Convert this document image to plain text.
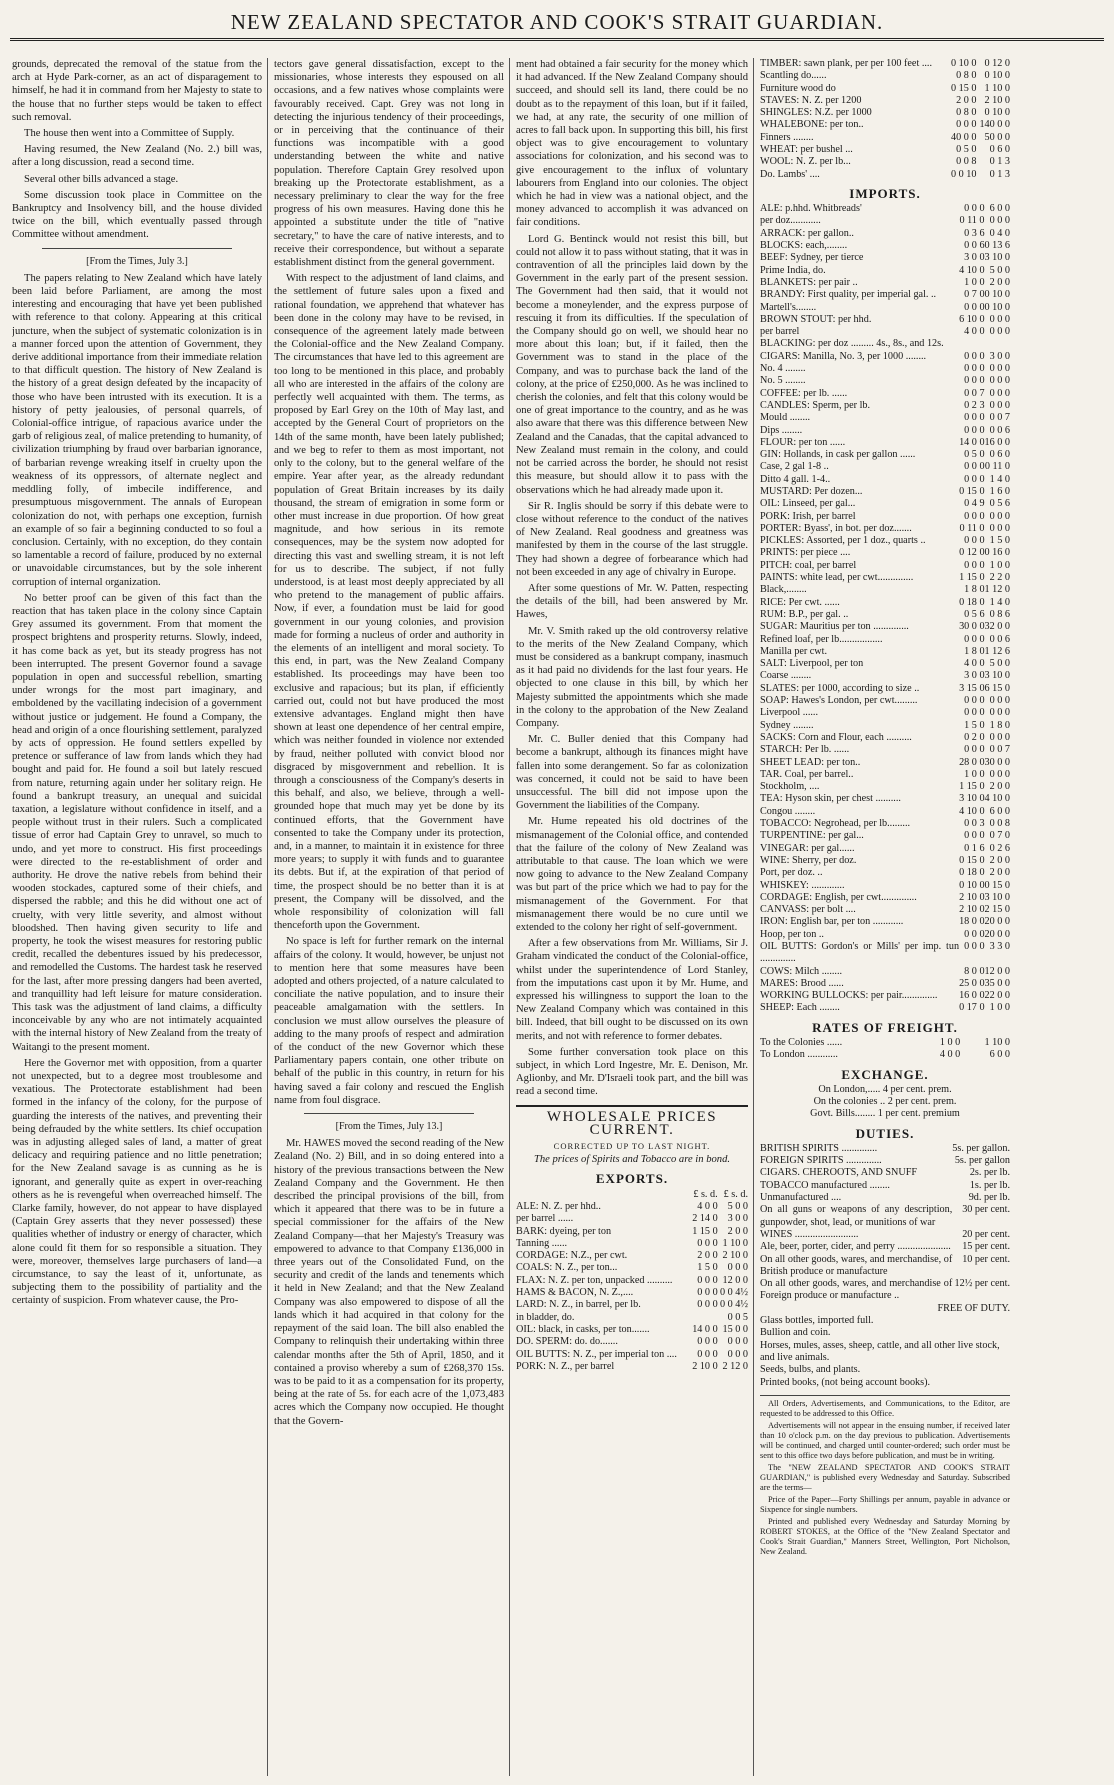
NEW ZEALAND SPECTATOR AND COOK'S STRAIT GUARDIAN.

grounds, deprecated the removal of the statue from the arch at Hyde Park-corner, as an act of disparagement to himself, he had it in command from her Majesty to state to the house that no further steps would be taken to effect such removal.

The house then went into a Committee of Supply.

Having resumed, the New Zealand (No. 2.) bill was, after a long discussion, read a second time.

Several other bills advanced a stage.

Some discussion took place in Committee on the Bankruptcy and Insolvency bill, and the house divided twice on the bill, which eventually passed through Committee without amendment.

[From the Times, July 3.]

The papers relating to New Zealand which have lately been laid before Parliament, are among the most interesting and encouraging that have yet been published with reference to that colony. Appearing at this critical juncture, when the subject of systematic colonization is in a manner forced upon the attention of Government, they derive additional importance from their immediate relation to that difficult question. The history of New Zealand is the history of a great design defeated by the incapacity of those who have been intrusted with its execution. It is a history of petty jealousies, of personal quarrels, of Colonial-office intrigue, of rapacious avarice under the garb of religious zeal, of malice pretending to humanity, of civilization triumphing by fraud over barbarian ignorance, of barbarian revenge wreaking itself in cruelty upon the weakness of its oppressors, of alternate neglect and meddling folly, of imbecile indifference, and presumptuous misgovernment. The annals of European colonization do not, with perhaps one exception, furnish an example of so fair a beginning conducted to so foul a conclusion. Certainly, with no exception, do they contain so lamentable a record of failure, produced by no external or unavoidable circumstances, but by the sole inherent corruption of internal organization.

No better proof can be given of this fact than the reaction that has taken place in the colony since Captain Grey assumed its government. From that moment the prospect brightens and prosperity returns. Slowly, indeed, it has come back as yet, but its steady progress has not been interrupted. The present Governor found a savage population in open and successful rebellion, smarting under wrongs for the most part imaginary, and emboldened by the vacillating indecision of a government without justice or judgement. He found a Company, the head and origin of a once flourishing settlement, paralyzed by acts of oppression. He found settlers expelled by pretence or sufferance of law from lands which they had bought and paid for. He found a soil but lately rescued from nature, returning again under her solitary reign. He found a bankrupt treasury, an unequal and suicidal taxation, a legislature without confidence in itself, and a people without trust in their rulers. Such a complicated tissue of error had Captain Grey to unravel, so much to undo, and yet more to construct. His first proceedings were directed to the re-establishment of order and authority. He drove the native rebels from behind their wooden stockades, captured some of their chiefs, and dispersed the rabble; and this he did without one act of cruelty, with very little severity, and almost without bloodshed. Then having given security to life and property, he took the wisest measures for restoring public credit, recalled the debentures issued by his predecessor, and remodelled the Customs. The hardest task he reserved for the last, after more pressing dangers had been averted, and tranquillity had left leisure for mature consideration. This task was the adjustment of land claims, a difficulty inconceivable by any who are not intimately acquainted with the internal history of New Zealand from the treaty of Waitangi to the present moment.

Here the Governor met with opposition, from a quarter not unexpected, but to a degree most troublesome and vexatious. The Protectorate establishment had been formed in the infancy of the colony, for the purpose of guarding the interests of the natives, and preventing their being defrauded by the white settlers. Its chief occupation was in adjusting alleged sales of land, a matter of great delicacy and requiring patience and no little penetration; for the New Zealand savage is as cunning as he is ignorant, and generally quite as expert in over-reaching others as he is revengeful when overreached himself. The Clarke family, however, do not appear to have displayed (Captain Grey asserts that they never possessed) these qualities whether of industry or energy of character, which alone could fit them for so responsible a situation. They were, moreover, themselves large purchasers of land—a circumstance, to say the least of it, unfortunate, as subjecting them to the possibility of partiality and the certainty of suspicion. From whatever cause, the Pro-

tectors gave general dissatisfaction, except to the missionaries, whose interests they espoused on all occasions, and a few natives whose complaints were favourably received. Capt. Grey was not long in detecting the injurious tendency of their proceedings, or in perceiving that the continuance of their functions was incompatible with a good understanding between the white and native population. Therefore Captain Grey resolved upon breaking up the Protectorate establishment, as a necessary preliminary to clear the way for the free progress of his own measures. Having done this he appointed a substitute under the title of "native secretary," to have the care of native interests, and to receive their correspondence, but without a separate establishment distinct from the general government.

With respect to the adjustment of land claims, and the settlement of future sales upon a fixed and rational foundation, we apprehend that whatever has been done in the colony may have to be revised, in consequence of the agreement lately made between the Colonial-office and the New Zealand Company. The circumstances that have led to this agreement are too long to be mentioned in this place, and probably all who are interested in the affairs of the colony are perfectly well acquainted with them. The terms, as proposed by Earl Grey on the 10th of May last, and accepted by the General Court of proprietors on the 14th of the same month, have been lately published; and we beg to refer to them as most important, not only to the colony, but to the general welfare of the empire. Year after year, as the already redundant population of Great Britain increases by its daily thousand, the stream of emigration in some form or other must increase in due proportion. Of how great magnitude, and how serious in its remote consequences, may be the system now adopted for directing this vast and swelling stream, it is not left for us to describe. The subject, if not fully understood, is at least most deeply appreciated by all who pretend to the management of public affairs. Now, if ever, a foundation must be laid for good government in our young colonies, and provision made for forming a nucleus of order and authority in the elements of an intelligent and moral society. To this end, in part, was the New Zealand Company established. Its proceedings may have been too exclusive and rapacious; but its plan, if efficiently carried out, could not but have produced the most extensive advantages. England might then have shown at least one dependence of her central empire, which was neither founded in violence nor extended by fraud, neither polluted with convict blood nor disgraced by misgovernment and rebellion. It is through a consciousness of the Company's deserts in this behalf, and also, we believe, through a well-grounded hope that much may yet be done by its continued efforts, that the Government have consented to take the Company under its protection, and, in a manner, to maintain it in existence for three more years; to supply it with funds and to guarantee its debts. But if, at the expiration of that period of time, the prospect should be no better than it is at present, the Company will be dissolved, and the whole responsibility of colonization will fall thenceforth upon the Government.

No space is left for further remark on the internal affairs of the colony. It would, however, be unjust not to mention here that some measures have been adopted and others projected, of a nature calculated to conciliate the native population, and to insure their peaceable amalgamation with the settlers. In conclusion we must allow ourselves the pleasure of adding to the many proofs of respect and admiration of the conduct of the new Governor which these Parliamentary papers contain, one other tribute on behalf of the public in this country, in return for his having saved a fair colony and rescued the English name from foul disgrace.

[From the Times, July 13.]

Mr. HAWES moved the second reading of the New Zealand (No. 2) Bill, and in so doing entered into a history of the previous transactions between the New Zealand Company and the Government. He then described the principal provisions of the bill, from which it appeared that there was to be in future a special commissioner for the affairs of the New Zealand Company—that her Majesty's Treasury was empowered to advance to that Company £136,000 in three years out of the Consolidated Fund, on the security and credit of the lands and tenements which it held in New Zealand; and that the New Zealand Company was also empowered to dispose of all the lands which it had acquired in that colony for the repayment of the said loan. The bill also enabled the Company to relinquish their undertaking within three calendar months after the 5th of April, 1850, and it contained a proviso whereby a sum of £268,370 15s. was to be paid to it as a compensation for its property, being at the rate of 5s. for each acre of the 1,073,483 acres which the Company now occupied. He thought that the Govern-

ment had obtained a fair security for the money which it had advanced. If the New Zealand Company should succeed, and should sell its land, there could be no doubt as to the repayment of this loan, but if it failed, we had, at any rate, the security of one million of acres to fall back upon. In supporting this bill, his first object was to give encouragement to voluntary associations for colonization, and his second was to give encouragement to the influx of voluntary labourers from England into our colonies. The object which he had in view was a national object, and the money advanced to accomplish it was advanced on fair conditions.

Lord G. Bentinck would not resist this bill, but could not allow it to pass without stating, that it was in contravention of all the principles laid down by the Government in the early part of the present session. The Government had then said, that it would not become a moneylender, and the express purpose of rescuing it from its difficulties. If the speculation of the Company should go on well, we should hear no more about this loan; but, if it failed, then the Government was to stand in the place of the Company, and was to purchase back the land of the colony, at the price of £250,000. As he was inclined to cherish the colonies, and felt that this colony would be one of great importance to the country, and as he was also aware that there was this difference between New Zealand and the Canadas, that the capital advanced to New Zealand must remain in the colony, and could not be carried across the border, he should not resist this measure, but should allow it to pass with the observations which he had already made upon it.

Sir R. Inglis should be sorry if this debate were to close without reference to the conduct of the natives of New Zealand. Real goodness and greatness was manifested by them in the course of the last struggle. They had shown a degree of forbearance which had not been exceeded in any age of chivalry in Europe.

After some questions of Mr. W. Patten, respecting the details of the bill, had been answered by Mr. Hawes,

Mr. V. Smith raked up the old controversy relative to the merits of the New Zealand Company, which must be considered as a bankrupt company, inasmuch as it had paid no dividends for the last four years. He objected to one clause in this bill, by which her Majesty submitted the appointments which she made in the colony to the approbation of the New Zealand Company.

Mr. C. Buller denied that this Company had become a bankrupt, although its finances might have fallen into some derangement. So far as colonization was concerned, it could not be said to have been unsuccessful. The bill did not impose upon the Government the liabilities of the Company.

Mr. Hume repeated his old doctrines of the mismanagement of the Colonial office, and contended that the failure of the colony of New Zealand was attributable to that cause. The loan which we were now going to advance to the New Zealand Company was but part of the price which we had to pay for the mismanagement of the Government. For that mismanagement there would be no cure until we extended to the colony her right of self-government.

After a few observations from Mr. Williams, Sir J. Graham vindicated the conduct of the Colonial-office, whilst under the superintendence of Lord Stanley, from the imputations cast upon it by Mr. Hume, and expressed his willingness to support the loan to the New Zealand Company which was contained in this bill. Indeed, that bill ought to be discussed on its own merits, and not with reference to former debates.

Some further conversation took place on this subject, in which Lord Ingestre, Mr. E. Denison, Mr. Aglionby, and Mr. D'Israeli took part, and the bill was read a second time.

WHOLESALE PRICES CURRENT.
CORRECTED UP TO LAST NIGHT.
The prices of Spirits and Tobacco are in bond.
EXPORTS.
	£ s. d.	£ s. d.
ALE: N. Z. per hhd..	4 0 0	5 0 0
per barrel ......	2 14 0	3 0 0
BARK: dyeing, per ton	1 15 0	2 0 0
Tanning ......	0 0 0	1 10 0
CORDAGE: N.Z., per cwt.	2 0 0	2 10 0
COALS: N. Z., per ton...	1 5 0	0 0 0
FLAX: N. Z. per ton, unpacked ..........	0 0 0	12 0 0
HAMS & BACON, N. Z.,....	0 0 0	0 0 4½
LARD: N. Z., in barrel, per lb.	0 0 0	0 0 4½
in bladder, do.		0 0 5
OIL: black, in casks, per ton.......	14 0 0	15 0 0
DO. SPERM: do. do.......	0 0 0	0 0 0
OIL BUTTS: N. Z., per imperial ton ....	0 0 0	0 0 0
PORK: N. Z., per barrel	2 10 0	2 12 0
TIMBER: sawn plank, per per 100 feet ....	0 10 0	0 12 0
Scantling do......	0 8 0	0 10 0
Furniture wood do	0 15 0	1 10 0
STAVES: N. Z. per 1200	2 0 0	2 10 0
SHINGLES: N.Z. per 1000	0 8 0	0 10 0
WHALEBONE: per ton..	0 0 0	140 0 0
Finners ........	40 0 0	50 0 0
WHEAT: per bushel ...	0 5 0	0 6 0
WOOL: N. Z. per lb...	0 0 8	0 1 3
Do. Lambs' ....	0 0 10	0 1 3
IMPORTS.
ALE: p.hhd. Whitbreads'	0 0 0	6 0 0
per doz............	0 11 0	0 0 0
ARRACK: per gallon..	0 3 6	0 4 0
BLOCKS: each,........	0 0 6	0 13 6
BEEF: Sydney, per tierce	3 0 0	3 10 0
Prime India, do.	4 10 0	5 0 0
BLANKETS: per pair ..	1 0 0	2 0 0
BRANDY: First quality, per imperial gal. ..	0 7 0	0 10 0
Martell's........	0 0 0	0 10 0
BROWN STOUT: per hhd.	6 10 0	0 0 0
per barrel	4 0 0	0 0 0
BLACKING: per doz ......... 4s., 8s., and 12s.		
CIGARS: Manilla, No. 3, per 1000 ........	0 0 0	3 0 0
No. 4 ........	0 0 0	0 0 0
No. 5 ........	0 0 0	0 0 0
COFFEE: per lb. ......	0 0 7	0 0 0
CANDLES: Sperm, per lb.	0 2 3	0 0 0
Mould ........	0 0 0	0 0 7
Dips ........	0 0 0	0 0 6
FLOUR: per ton ......	14 0 0	16 0 0
GIN: Hollands, in cask per gallon ......	0 5 0	0 6 0
Case, 2 gal 1-8 ..	0 0 0	0 11 0
Ditto 4 gall. 1-4..	0 0 0	1 4 0
MUSTARD: Per dozen...	0 15 0	1 6 0
OIL: Linseed, per gal...	0 4 9	0 5 6
PORK: Irish, per barrel	0 0 0	0 0 0
PORTER: Byass', in bot. per doz.......	0 11 0	0 0 0
PICKLES: Assorted, per 1 doz., quarts ..	0 0 0	1 5 0
PRINTS: per piece ....	0 12 0	0 16 0
PITCH: coal, per barrel	0 0 0	1 0 0
PAINTS: white lead, per cwt..............	1 15 0	2 2 0
Black,........	1 8 0	1 12 0
RICE: Per cwt. ......	0 18 0	1 4 0
RUM: B.P., per gal. ..	0 5 6	0 8 6
SUGAR: Mauritius per ton ..............	30 0 0	32 0 0
Refined loaf, per lb.................	0 0 0	0 0 6
Manilla per cwt.	1 8 0	1 12 6
SALT: Liverpool, per ton	4 0 0	5 0 0
Coarse ........	3 0 0	3 10 0
SLATES: per 1000, according to size ..	3 15 0	6 15 0
SOAP: Hawes's London, per cwt.........	0 0 0	0 0 0
Liverpool ......	0 0 0	0 0 0
Sydney ........	1 5 0	1 8 0
SACKS: Corn and Flour, each ..........	0 2 0	0 0 0
STARCH: Per lb. ......	0 0 0	0 0 7
SHEET LEAD: per ton..	28 0 0	30 0 0
TAR. Coal, per barrel..	1 0 0	0 0 0
Stockholm, ....	1 15 0	2 0 0
TEA: Hyson skin, per chest ..........	3 10 0	4 10 0
Congou ........	4 10 0	6 0 0
TOBACCO: Negrohead, per lb.........	0 0 3	0 0 8
TURPENTINE: per gal...	0 0 0	0 7 0
VINEGAR: per gal......	0 1 6	0 2 6
WINE: Sherry, per doz.	0 15 0	2 0 0
Port, per doz. ..	0 18 0	2 0 0
WHISKEY: .............	0 10 0	0 15 0
CORDAGE: English, per cwt..............	2 10 0	3 10 0
CANVASS: per bolt ....	2 10 0	2 15 0
IRON: English bar, per ton ............	18 0 0	20 0 0
Hoop, per ton ..	0 0 0	20 0 0
OIL BUTTS: Gordon's or Mills' per imp. tun ..............	0 0 0	3 3 0
COWS: Milch ........	8 0 0	12 0 0
MARES: Brood ......	25 0 0	35 0 0
WORKING BULLOCKS: per pair..............	16 0 0	22 0 0
SHEEP: Each ........	0 17 0	1 0 0
RATES OF FREIGHT.
To the Colonies ......	1 0 0	1 10 0
To London ............	4 0 0	6 0 0
EXCHANGE.
On London,..... 4 per cent. prem.
On the colonies .. 2 per cent. prem.
Govt. Bills........ 1 per cent. premium
DUTIES.
BRITISH SPIRITS ..............	5s. per gallon.
FOREIGN SPIRITS ..............	5s. per gallon
CIGARS. CHEROOTS, AND SNUFF	2s. per lb.
TOBACCO manufactured ........	1s. per lb.
Unmanufactured ....	9d. per lb.
On all guns or weapons of any description, gunpowder, shot, lead, or munitions of war	30 per cent.
WINES .........................	20 per cent.
Ale, beer, porter, cider, and perry .....................	15 per cent.
On all other goods, wares, and merchandise, of British produce or manufacture	10 per cent.
On all other goods, wares, and merchandise of Foreign produce or manufacture ..	12½ per cent.
FREE OF DUTY.
Glass bottles, imported full.
Bullion and coin.
Horses, mules, asses, sheep, cattle, and all other live stock, and live animals.
Seeds, bulbs, and plants.
Printed books, (not being account books).

All Orders, Advertisements, and Communications, to the Editor, are requested to be addressed to this Office.

Advertisements will not appear in the ensuing number, if received later than 10 o'clock p.m. on the day previous to publication. Advertisements will be continued, and charged until counter-ordered; such order must be sent to this office two days before publication, and must be in writing.

The "NEW ZEALAND SPECTATOR AND COOK'S STRAIT GUARDIAN," is published every Wednesday and Saturday. Subscribed are the terms—

Price of the Paper—Forty Shillings per annum, payable in advance or Sixpence for single numbers.

Printed and published every Wednesday and Saturday Morning by ROBERT STOKES, at the Office of the "New Zealand Spectator and Cook's Strait Guardian," Manners Street, Wellington, Port Nicholson, New Zealand.
